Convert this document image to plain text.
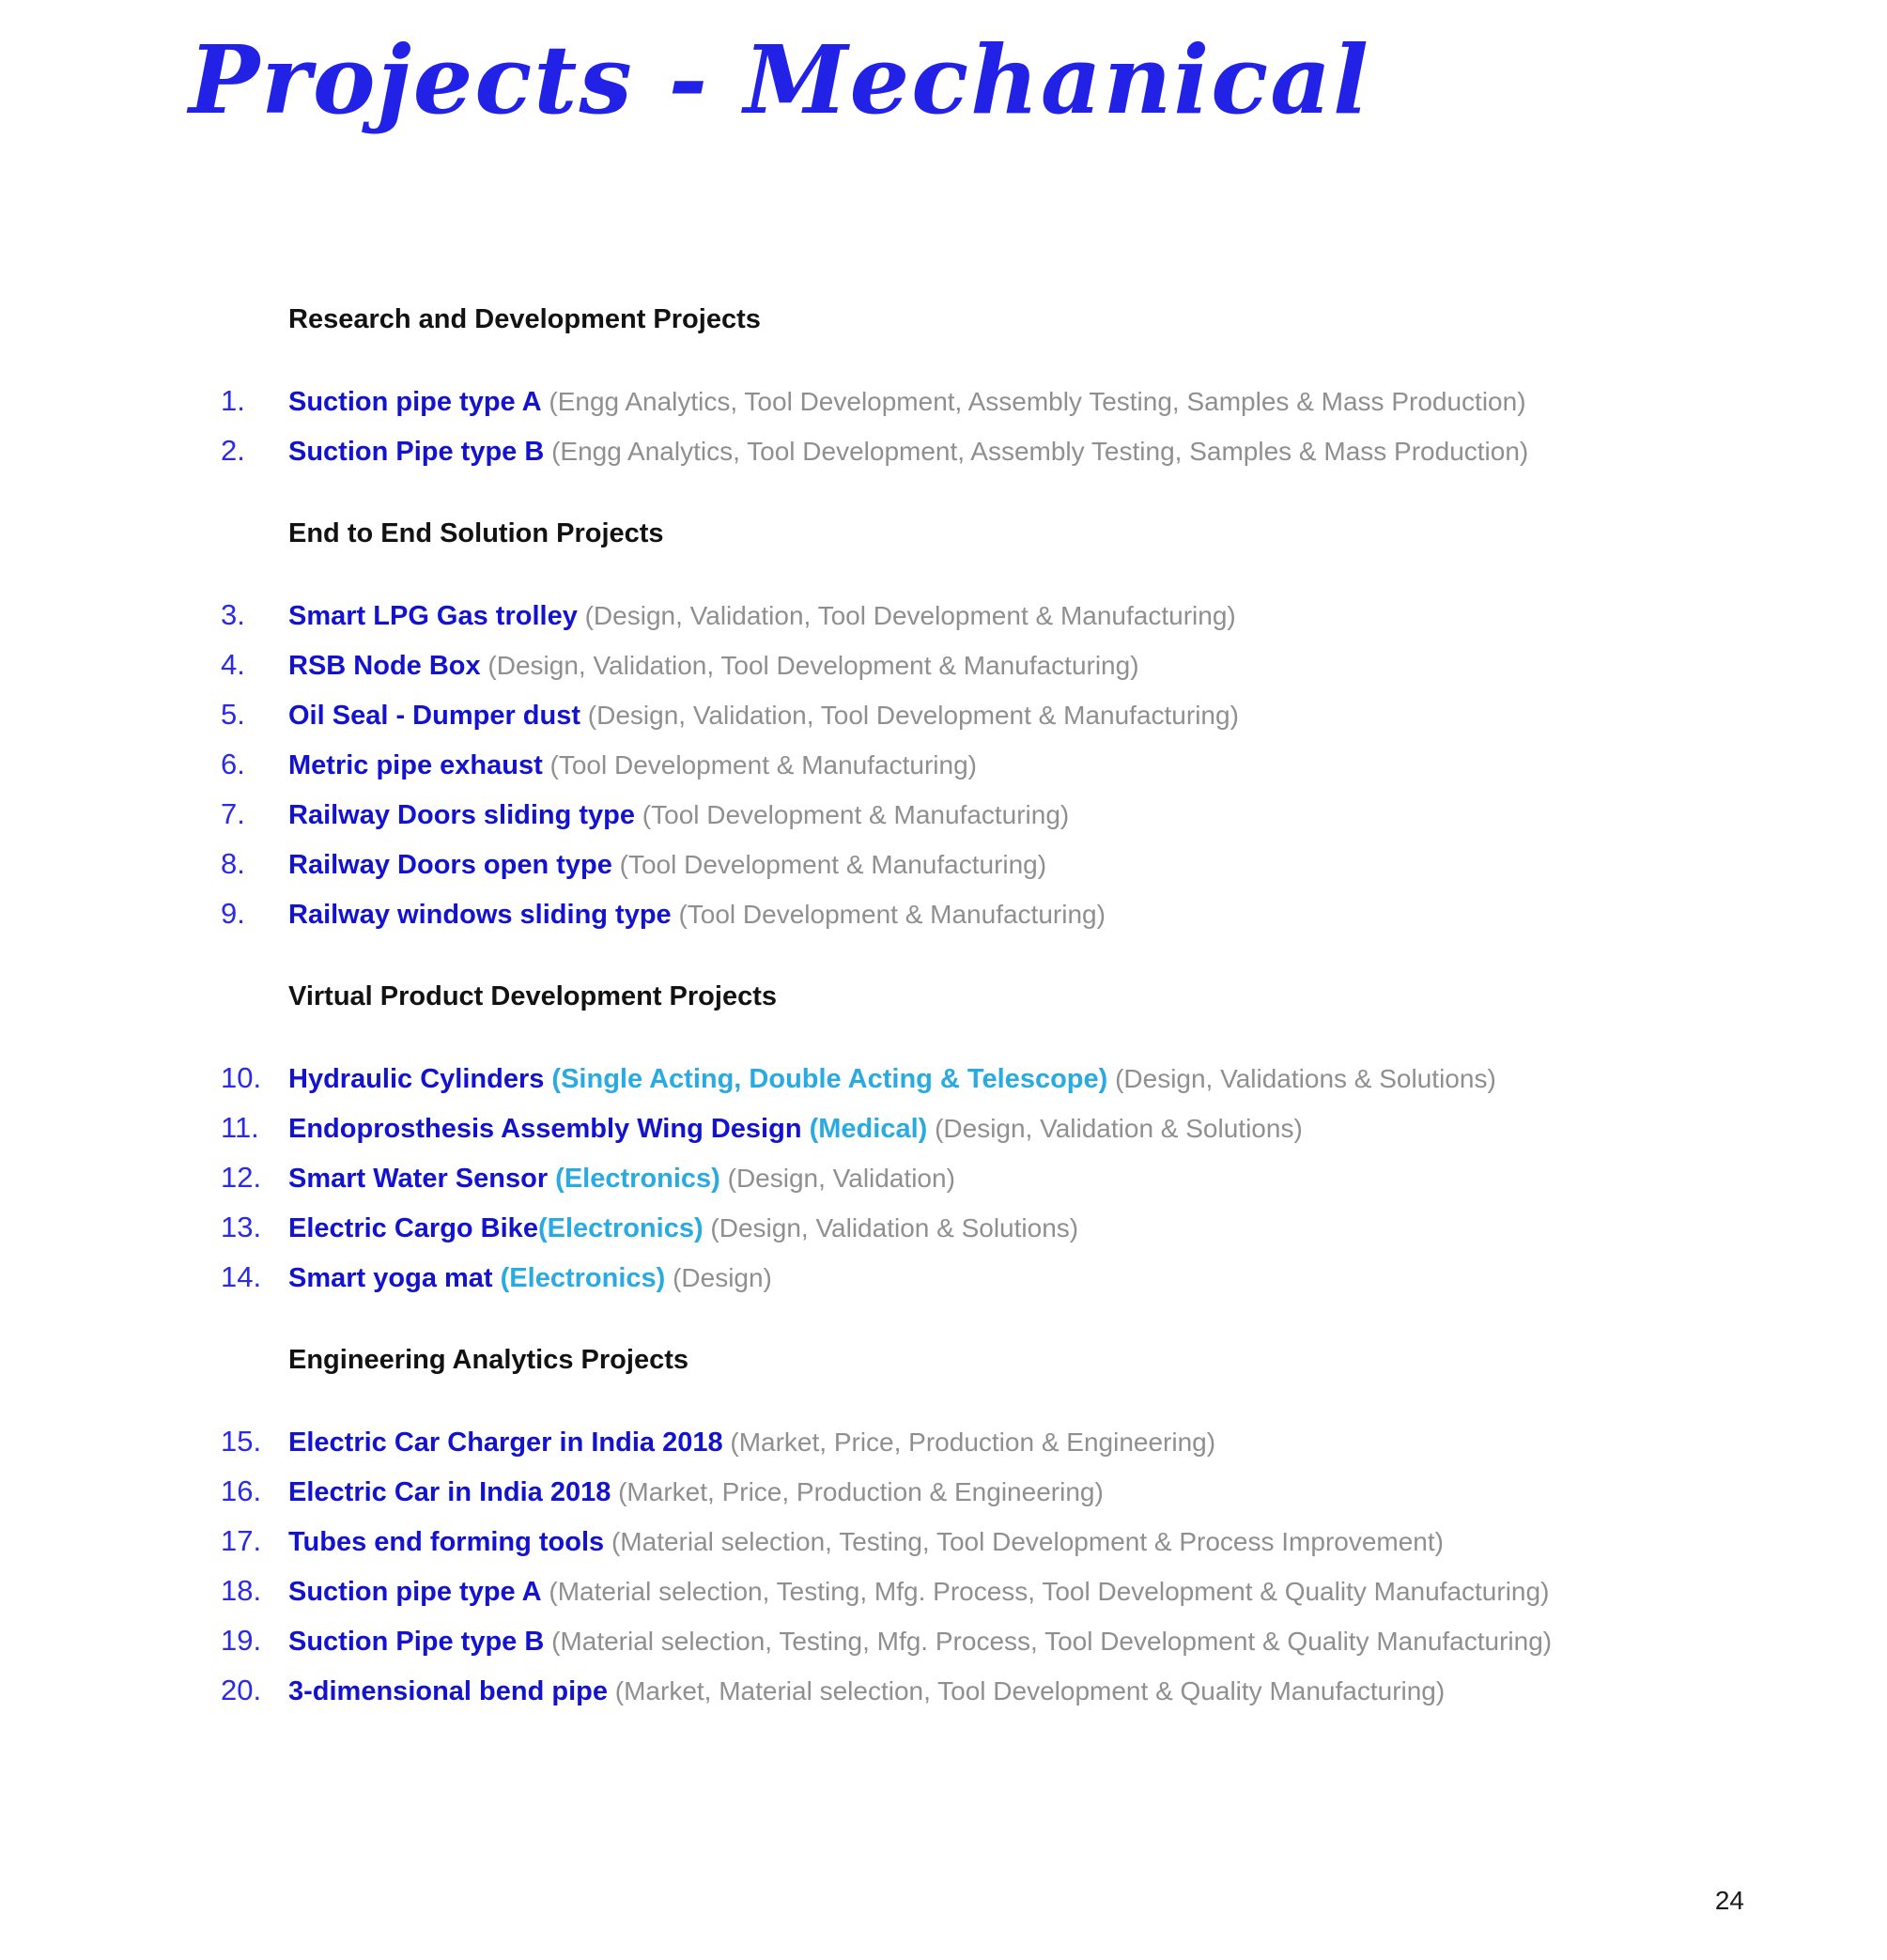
Projects - Mechanical
Research and Development Projects
1. Suction pipe type A (Engg Analytics, Tool Development, Assembly Testing, Samples & Mass Production)
2. Suction Pipe type B (Engg Analytics, Tool Development, Assembly Testing, Samples & Mass Production)
End to End Solution Projects
3. Smart LPG Gas trolley (Design, Validation, Tool Development & Manufacturing)
4. RSB Node Box (Design, Validation, Tool Development & Manufacturing)
5. Oil Seal - Dumper dust (Design, Validation, Tool Development & Manufacturing)
6. Metric pipe exhaust (Tool Development & Manufacturing)
7. Railway Doors sliding type (Tool Development & Manufacturing)
8. Railway Doors open type (Tool Development & Manufacturing)
9. Railway windows sliding type (Tool Development & Manufacturing)
Virtual Product Development Projects
10. Hydraulic Cylinders (Single Acting, Double Acting & Telescope) (Design, Validations & Solutions)
11. Endoprosthesis Assembly Wing Design (Medical) (Design, Validation & Solutions)
12. Smart Water Sensor (Electronics) (Design, Validation)
13. Electric Cargo Bike(Electronics) (Design, Validation & Solutions)
14. Smart yoga mat (Electronics) (Design)
Engineering Analytics Projects
15. Electric Car Charger in India 2018 (Market, Price, Production & Engineering)
16. Electric Car in India 2018 (Market, Price, Production & Engineering)
17. Tubes end forming tools (Material selection, Testing, Tool Development & Process Improvement)
18. Suction pipe type A (Material selection, Testing, Mfg. Process, Tool Development & Quality Manufacturing)
19. Suction Pipe type B (Material selection, Testing, Mfg. Process, Tool Development & Quality Manufacturing)
20. 3-dimensional bend pipe (Market, Material selection, Tool Development & Quality Manufacturing)
24
